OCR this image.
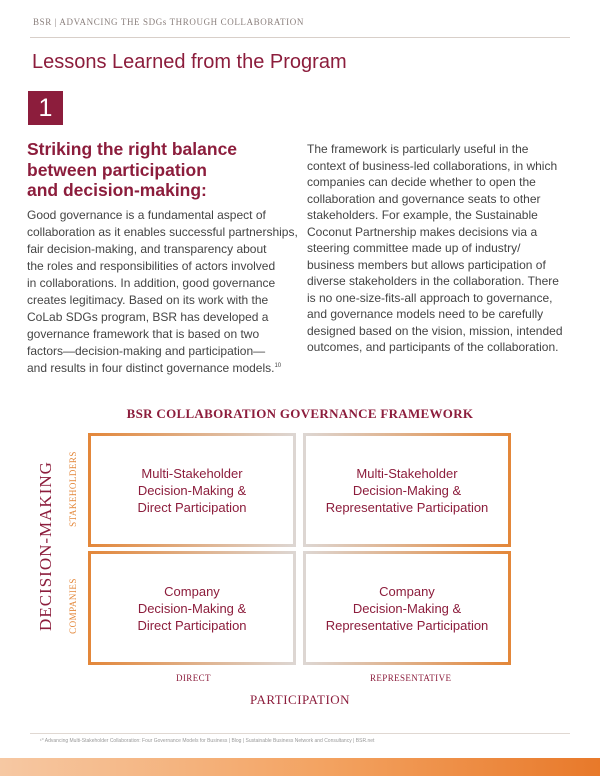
BSR | ADVANCING THE SDGs THROUGH COLLABORATION
Lessons Learned from the Program
1
Striking the right balance
between participation
and decision-making:
Good governance is a fundamental aspect of
collaboration as it enables successful partnerships,
fair decision-making, and transparency about
the roles and responsibilities of actors involved
in collaborations. In addition, good governance
creates legitimacy. Based on its work with the
CoLab SDGs program, BSR has developed a
governance framework that is based on two
factors—decision-making and participation—
and results in four distinct governance models.$^{10}$
The framework is particularly useful in the
context of business-led collaborations, in which
companies can decide whether to open the
collaboration and governance seats to other
stakeholders. For example, the Sustainable
Coconut Partnership makes decisions via a
steering committee made up of industry/
business members but allows participation of
diverse stakeholders in the collaboration. There
is no one-size-fits-all approach to governance,
and governance models need to be carefully
designed based on the vision, mission, intended
outcomes, and participants of the collaboration.
BSR COLLABORATION GOVERNANCE FRAMEWORK
DECISION-MAKING STAKEHOLDERS
COMPANIES
Multi-Stakeholder
Decision-Making &
Direct Participation
Multi-Stakeholder
Decision-Making &
Representative Participation
Company
Decision-Making &
Direct Participation
Company
Decision-Making &
Representative Participation
DIRECT	REPRESENTATIVE
PARTICIPATION
¹⁰ Advancing Multi-Stakeholder Collaboration: Four Governance Models for Business | Blog | Sustainable Business Network and Consultancy | BSR.net
